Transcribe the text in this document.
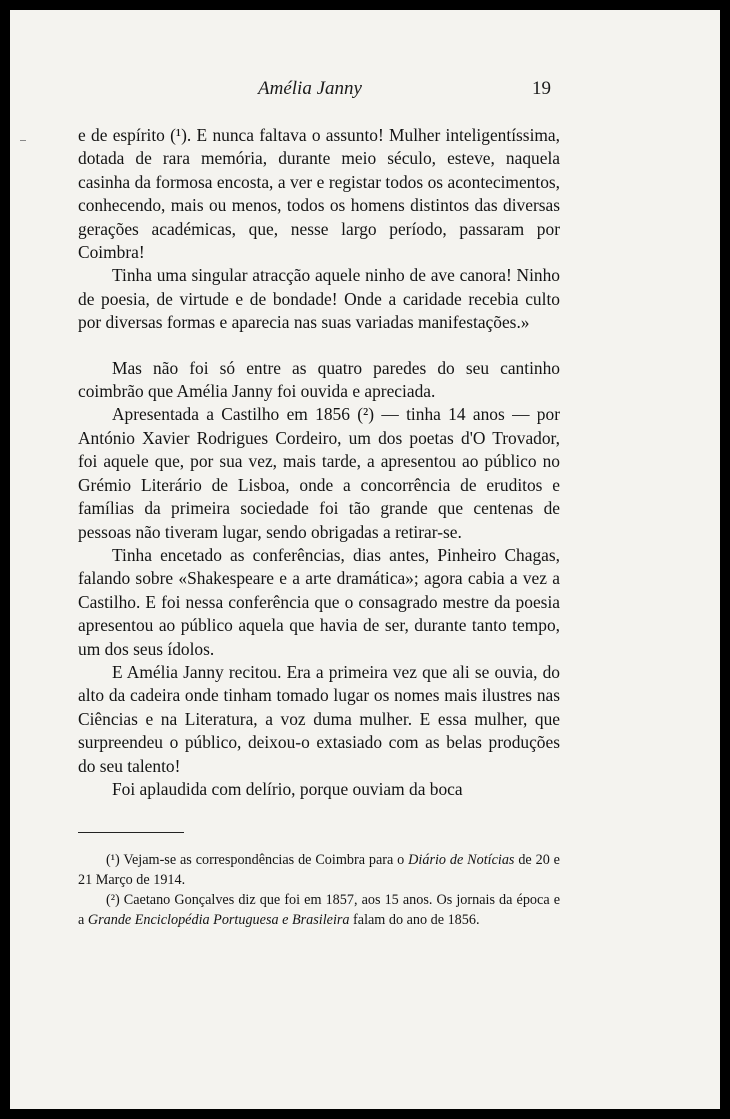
Amélia Janny	19

e de espírito (¹). E nunca faltava o assunto! Mulher inteligentíssima, dotada de rara memória, durante meio século, esteve, naquela casinha da formosa encosta, a ver e registar todos os acontecimentos, conhecendo, mais ou menos, todos os homens distintos das diversas gerações académicas, que, nesse largo período, passaram por Coimbra!

Tinha uma singular atracção aquele ninho de ave canora! Ninho de poesia, de virtude e de bondade! Onde a caridade recebia culto por diversas formas e aparecia nas suas variadas manifestações.»

Mas não foi só entre as quatro paredes do seu cantinho coimbrão que Amélia Janny foi ouvida e apreciada.

Apresentada a Castilho em 1856 (²) — tinha 14 anos — por António Xavier Rodrigues Cordeiro, um dos poetas d'O Trovador, foi aquele que, por sua vez, mais tarde, a apresentou ao público no Grémio Literário de Lisboa, onde a concorrência de eruditos e famílias da primeira sociedade foi tão grande que centenas de pessoas não tiveram lugar, sendo obrigadas a retirar-se.

Tinha encetado as conferências, dias antes, Pinheiro Chagas, falando sobre «Shakespeare e a arte dramática»; agora cabia a vez a Castilho. E foi nessa conferência que o consagrado mestre da poesia apresentou ao público aquela que havia de ser, durante tanto tempo, um dos seus ídolos.

E Amélia Janny recitou. Era a primeira vez que ali se ouvia, do alto da cadeira onde tinham tomado lugar os nomes mais ilustres nas Ciências e na Literatura, a voz duma mulher. E essa mulher, que surpreendeu o público, deixou-o extasiado com as belas produções do seu talento!

Foi aplaudida com delírio, porque ouviam da boca

(¹) Vejam-se as correspondências de Coimbra para o Diário de Notícias de 20 e 21 Março de 1914.

(²) Caetano Gonçalves diz que foi em 1857, aos 15 anos. Os jornais da época e a Grande Enciclopédia Portuguesa e Brasileira falam do ano de 1856.
